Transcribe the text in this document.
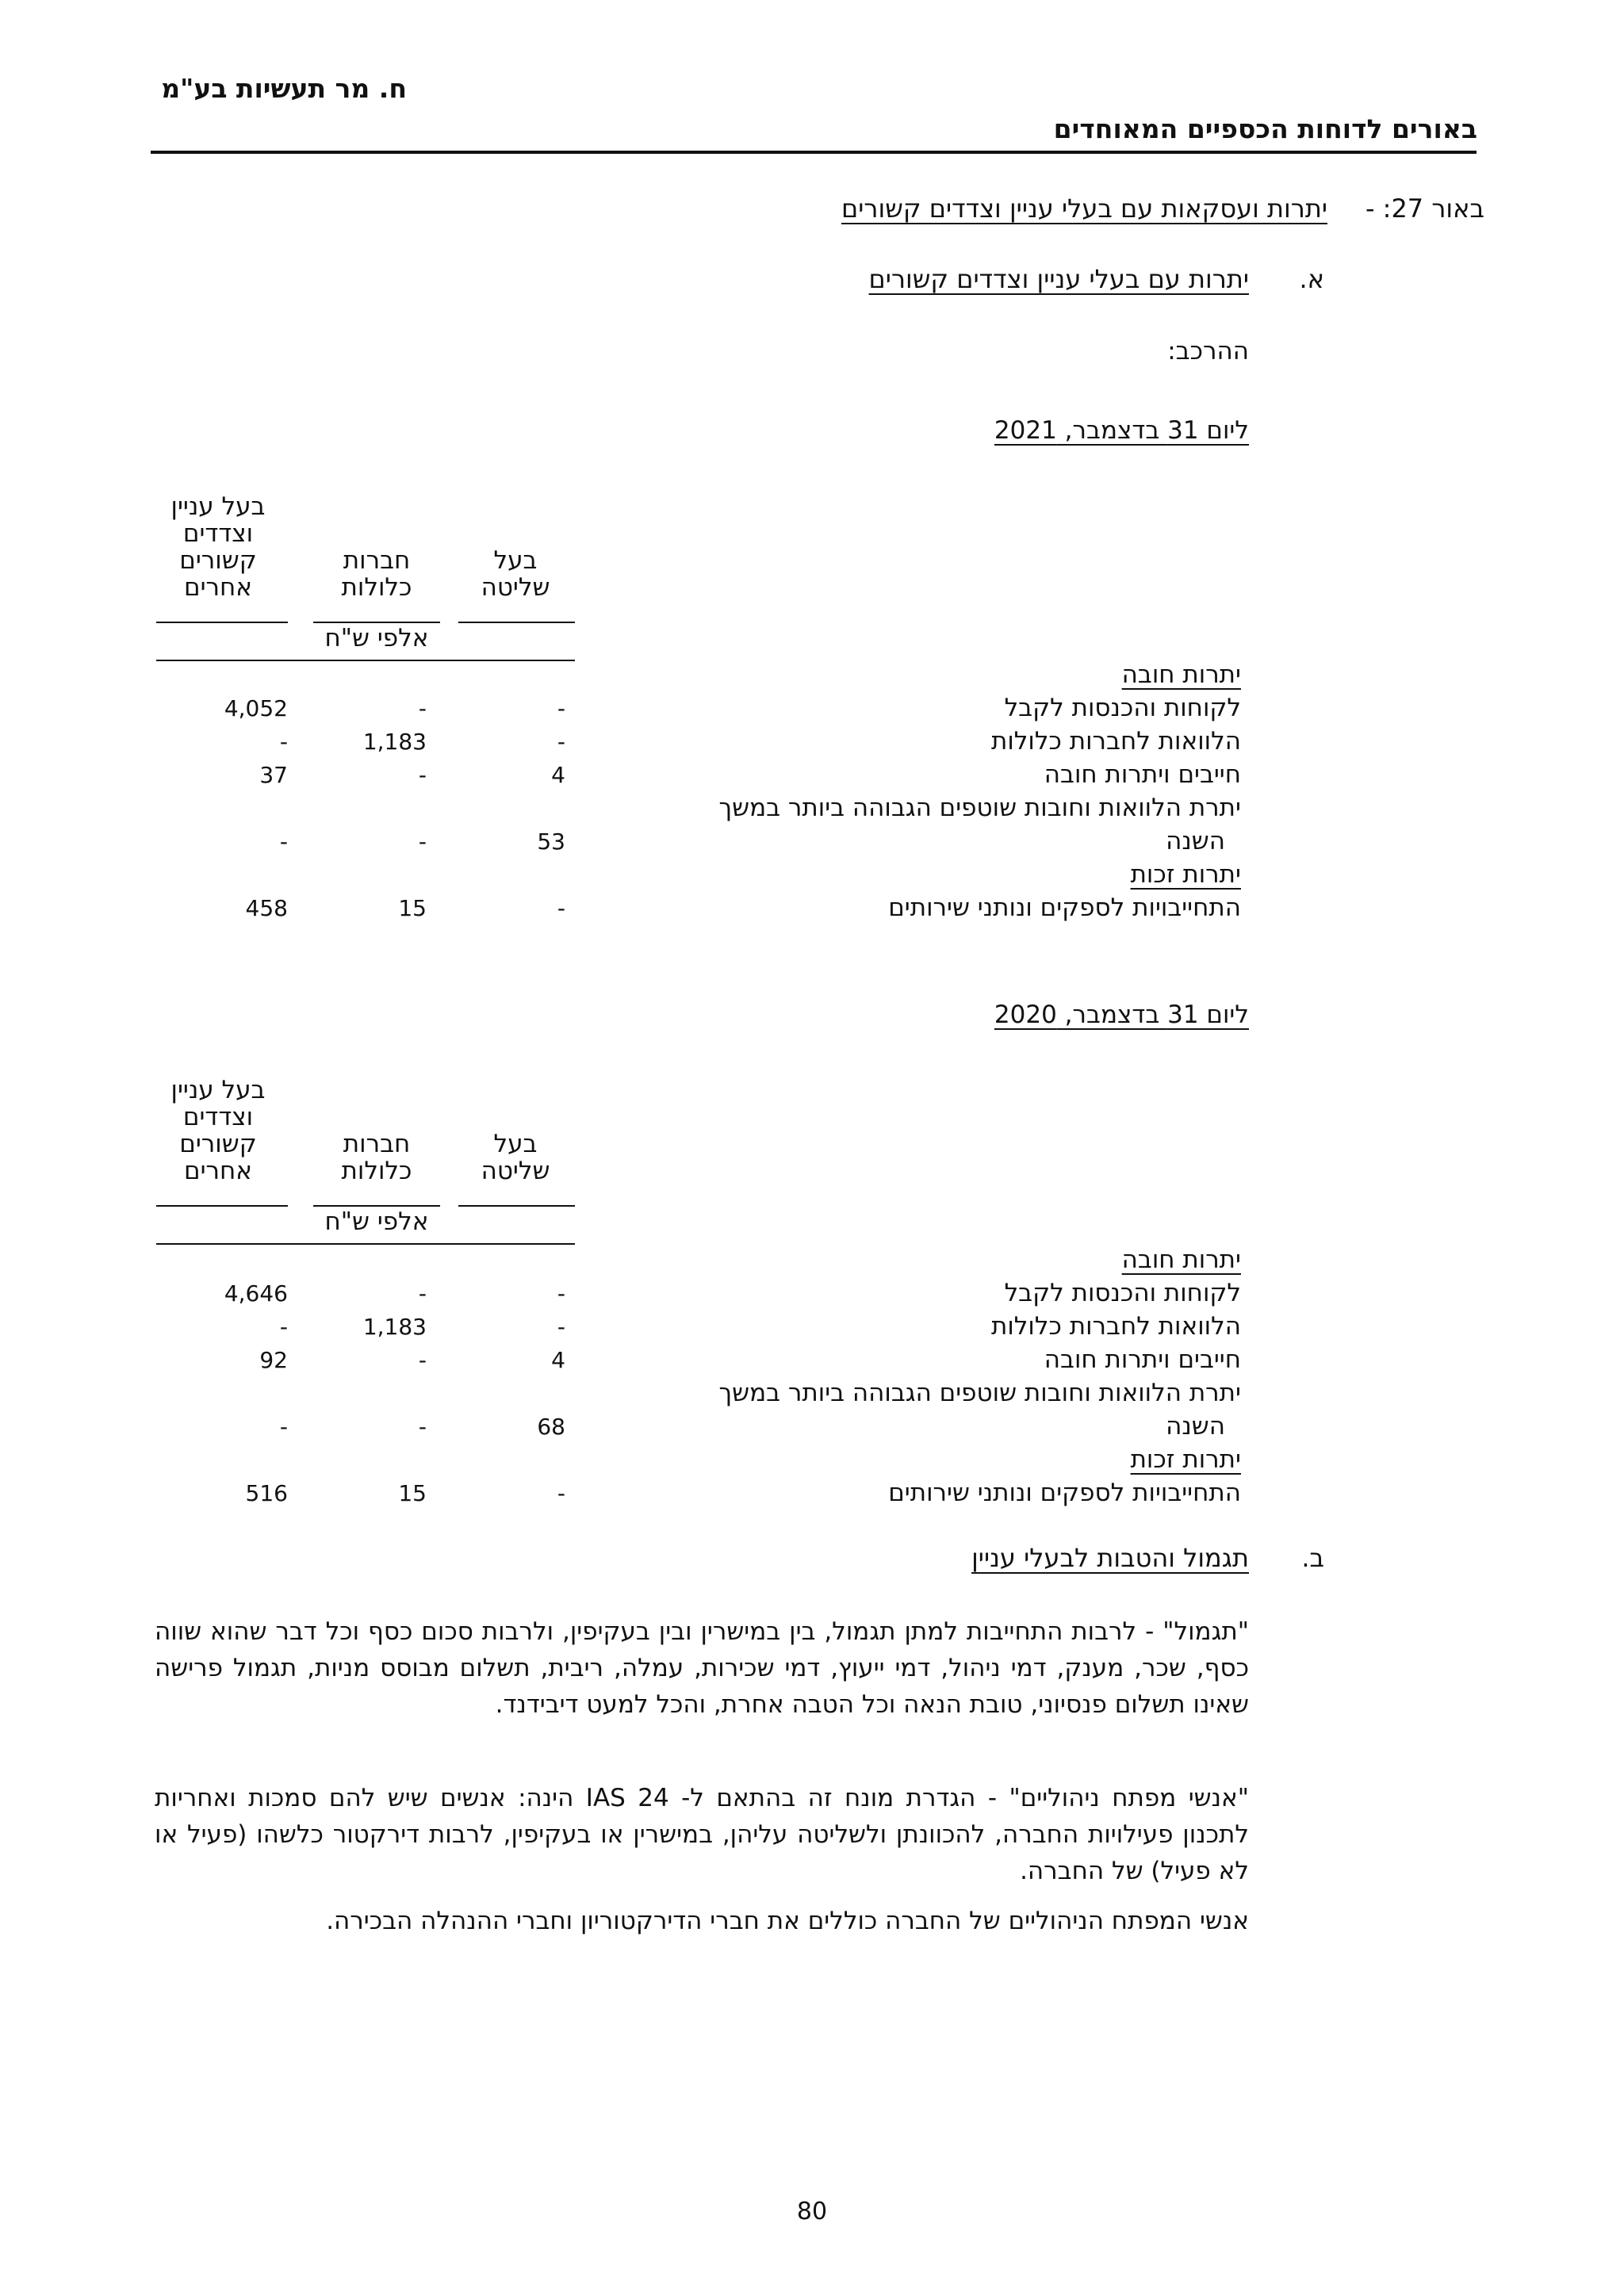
ח. מר תעשיות בע"מ
באורים לדוחות הכספיים המאוחדים
באור 27: -
יתרות ועסקאות עם בעלי עניין וצדדים קשורים
א.
יתרות עם בעלי עניין וצדדים קשורים
ההרכב:
ליום 31 בדצמבר, 2021
בעל עניין
וצדדים
קשורים
אחרים
חברות
כלולות
בעל
שליטה
אלפי ש"ח
יתרות חובה
לקוחות והכנסות לקבל
הלוואות לחברות כלולות
חייבים ויתרות חובה
יתרת הלוואות וחובות שוטפים הגבוהה ביותר במשך
השנה
יתרות זכות
התחייבויות לספקים ונותני שירותים
-
-
4,052
-
1,183
-
4
-
37
53
-
-
-
15
458
ליום 31 בדצמבר, 2020
בעל עניין
וצדדים
קשורים
אחרים
חברות
כלולות
בעל
שליטה
אלפי ש"ח
יתרות חובה
לקוחות והכנסות לקבל
הלוואות לחברות כלולות
חייבים ויתרות חובה
יתרת הלוואות וחובות שוטפים הגבוהה ביותר במשך
השנה
יתרות זכות
התחייבויות לספקים ונותני שירותים
-
-
4,646
-
1,183
-
4
-
92
68
-
-
-
15
516
ב.
תגמול והטבות לבעלי עניין
"תגמול" - לרבות התחייבות למתן תגמול, בין במישרין ובין בעקיפין, ולרבות סכום כסף וכל דבר שהוא שווה כסף, שכר, מענק, דמי ניהול, דמי ייעוץ, דמי שכירות, עמלה, ריבית, תשלום מבוסס מניות, תגמול פרישה שאינו תשלום פנסיוני, טובת הנאה וכל הטבה אחרת, והכל למעט דיבידנד.
"אנשי מפתח ניהוליים" - הגדרת מונח זה בהתאם ל- IAS 24 הינה: אנשים שיש להם סמכות ואחריות לתכנון פעילויות החברה, להכוונתן ולשליטה עליהן, במישרין או בעקיפין, לרבות דירקטור כלשהו (פעיל או לא פעיל) של החברה.
אנשי המפתח הניהוליים של החברה כוללים את חברי הדירקטוריון וחברי ההנהלה הבכירה.
80
